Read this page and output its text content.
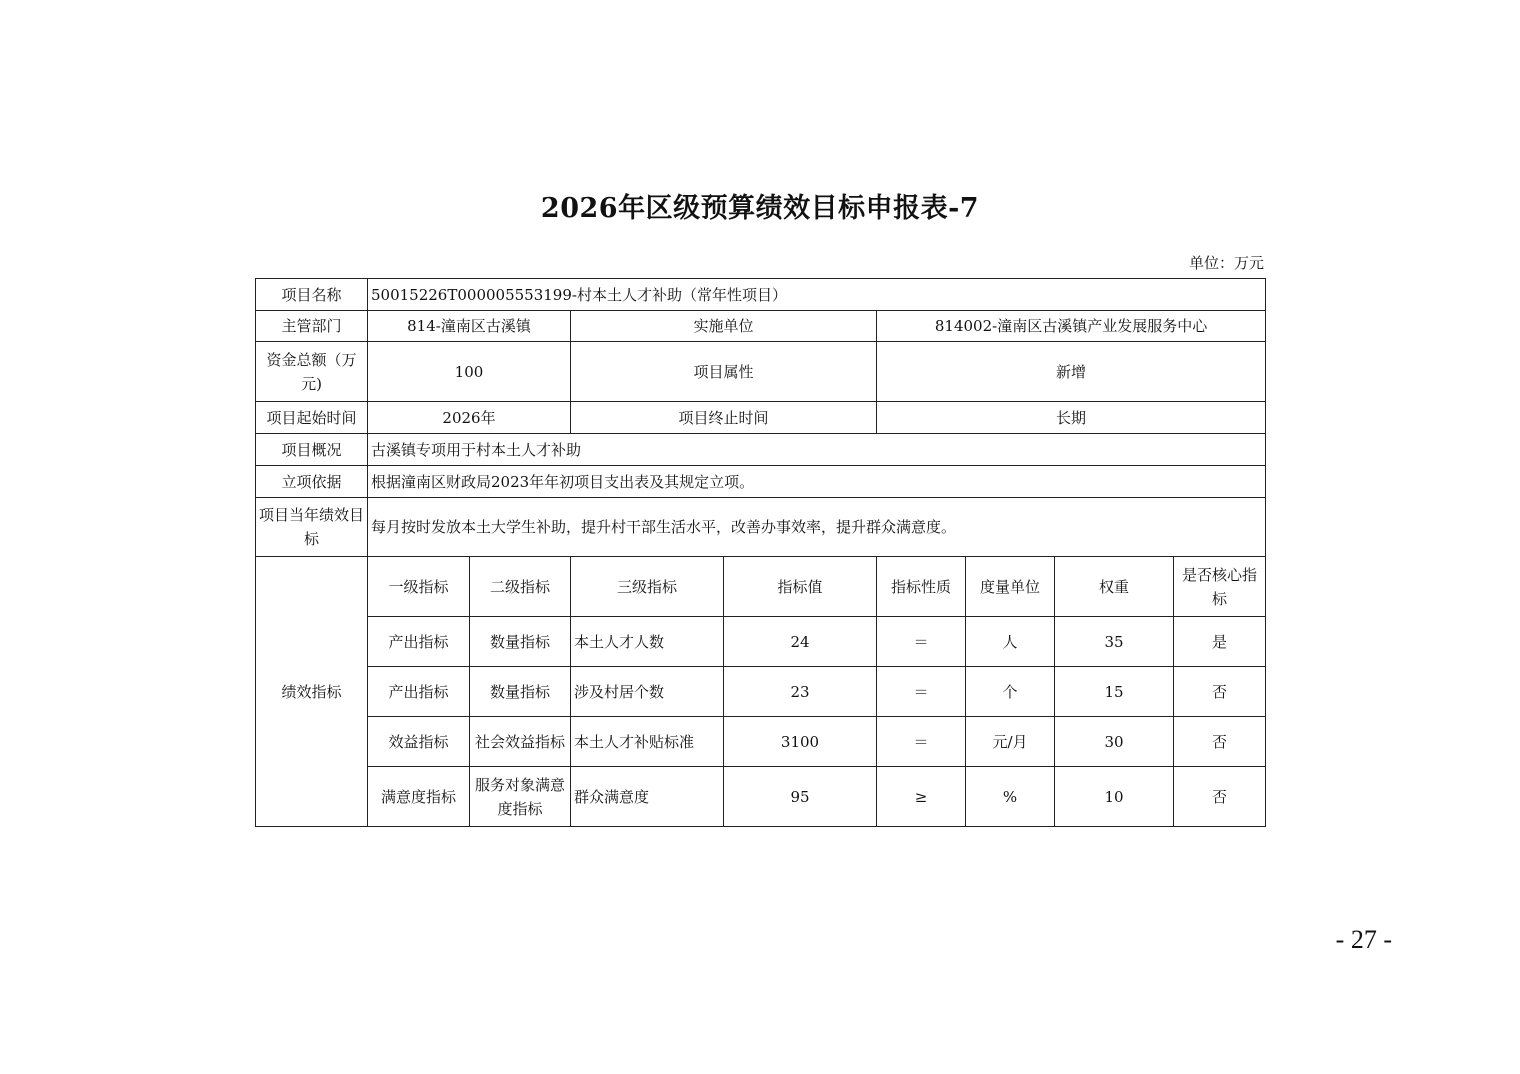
2026年区级预算绩效目标申报表-7
单位：万元
项目名称	50015226T000005553199-村本土人才补助（常年性项目）							
主管部门	814-潼南区古溪镇		实施单位		814002-潼南区古溪镇产业发展服务中心			
资金总额（万元)	100		项目属性		新增			
项目起始时间	2026年		项目终止时间		长期			
项目概况	古溪镇专项用于村本土人才补助							
立项依据	根据潼南区财政局2023年年初项目支出表及其规定立项。							
项目当年绩效目标	每月按时发放本土大学生补助，提升村干部生活水平，改善办事效率，提升群众满意度。							
绩效指标	一级指标	二级指标	三级指标	指标值	指标性质	度量单位	权重	是否核心指标
	产出指标	数量指标	本土人才人数	24	＝	人	35	是
	产出指标	数量指标	涉及村居个数	23	＝	个	15	否
	效益指标	社会效益指标	本土人才补贴标准	3100	＝	元/月	30	否
	满意度指标	服务对象满意度指标	群众满意度	95	≥	%	10	否
- 27 -
